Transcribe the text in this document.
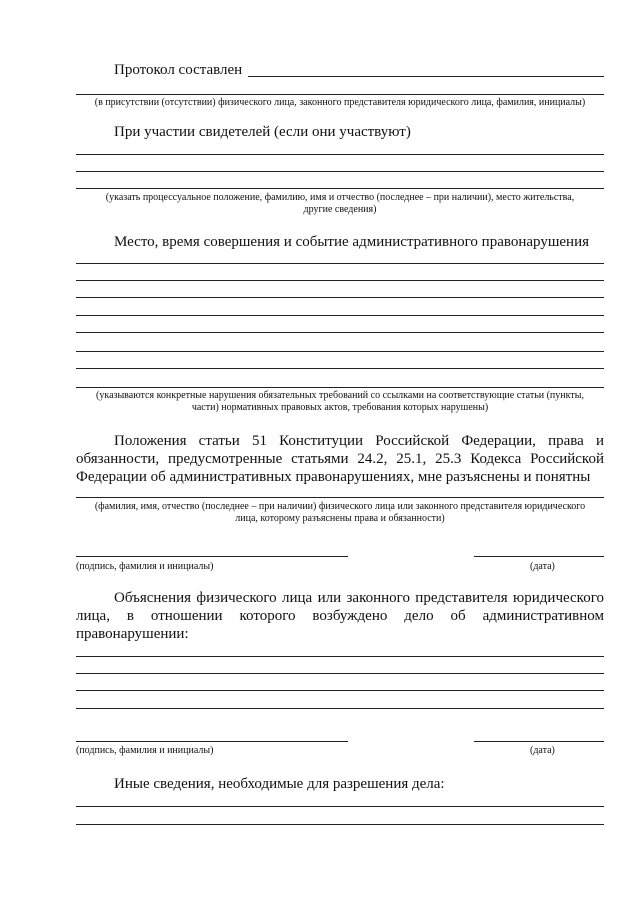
Протокол составлен
(в присутствии (отсутствии) физического лица, законного представителя юридического лица, фамилия, инициалы)
При участии свидетелей (если они участвуют)
(указать процессуальное положение, фамилию, имя и отчество (последнее – при наличии), место жительства,
другие сведения)
Место, время совершения и событие административного правонарушения
(указываются конкретные нарушения обязательных требований со ссылками на соответствующие статьи (пункты,
части) нормативных правовых актов, требования которых нарушены)
Положения статьи 51 Конституции Российской Федерации, права и обязанности, предусмотренные статьями 24.2, 25.1, 25.3 Кодекса Российской Федерации об административных правонарушениях, мне разъяснены и понятны
(фамилия, имя, отчество (последнее – при наличии) физического лица или законного представителя юридического
лица, которому разъяснены права и обязанности)
(подпись, фамилия и инициалы)	(дата)
Объяснения физического лица или законного представителя юридического лица, в отношении которого возбуждено дело об административном правонарушении:
(подпись, фамилия и инициалы)	(дата)
Иные сведения, необходимые для разрешения дела:
